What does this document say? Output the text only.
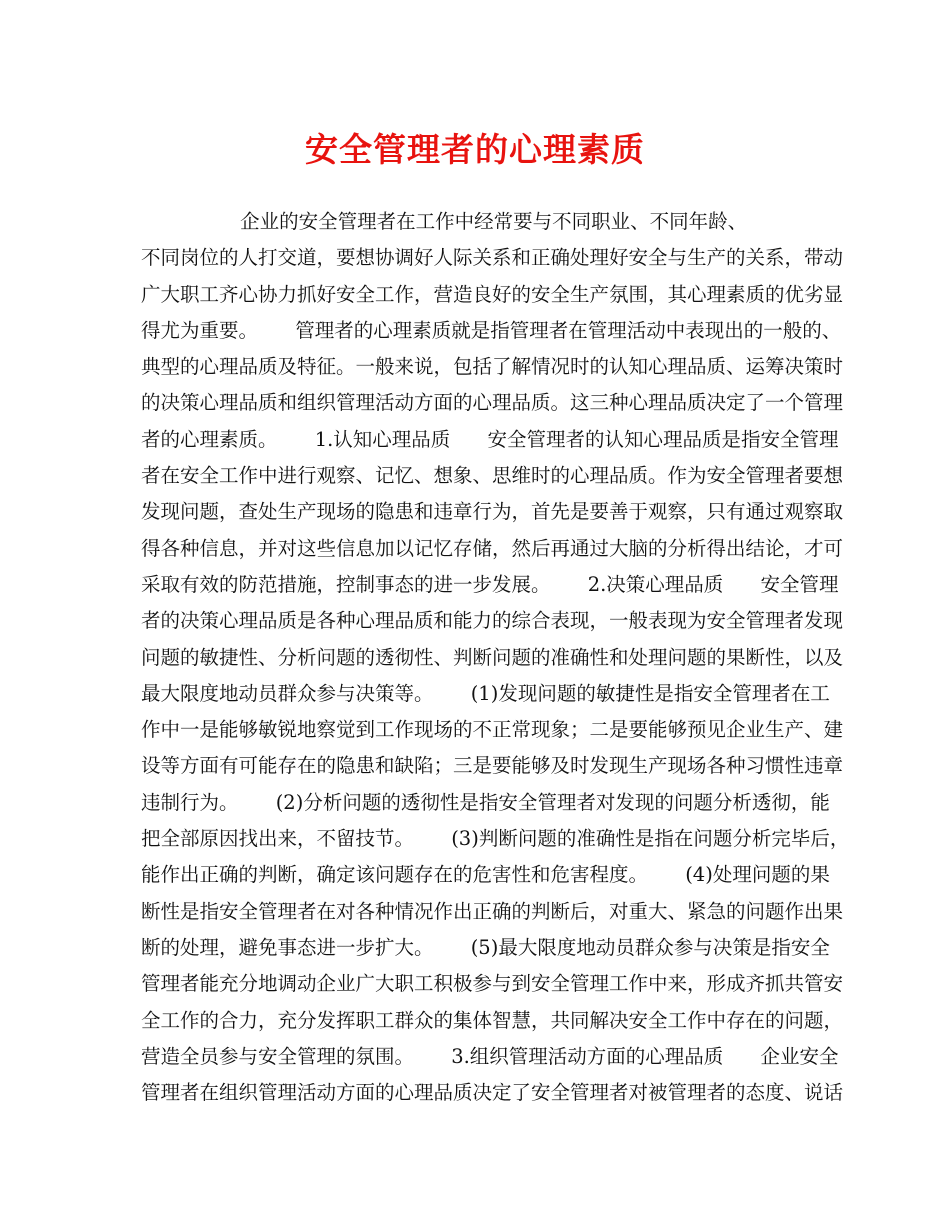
安全管理者的心理素质
企业的安全管理者在工作中经常要与不同职业、不同年龄、
不同岗位的人打交道，要想协调好人际关系和正确处理好安全与生产的关系，带动
广大职工齐心协力抓好安全工作，营造良好的安全生产氛围，其心理素质的优劣显
得尤为重要。      管理者的心理素质就是指管理者在管理活动中表现出的一般的、
典型的心理品质及特征。一般来说，包括了解情况时的认知心理品质、运筹决策时
的决策心理品质和组织管理活动方面的心理品质。这三种心理品质决定了一个管理
者的心理素质。      1.认知心理品质      安全管理者的认知心理品质是指安全管理
者在安全工作中进行观察、记忆、想象、思维时的心理品质。作为安全管理者要想
发现问题，查处生产现场的隐患和违章行为，首先是要善于观察，只有通过观察取
得各种信息，并对这些信息加以记忆存储，然后再通过大脑的分析得出结论，才可
采取有效的防范措施，控制事态的进一步发展。      2.决策心理品质      安全管理
者的决策心理品质是各种心理品质和能力的综合表现，一般表现为安全管理者发现
问题的敏捷性、分析问题的透彻性、判断问题的准确性和处理问题的果断性，以及
最大限度地动员群众参与决策等。      (1)发现问题的敏捷性是指安全管理者在工
作中一是能够敏锐地察觉到工作现场的不正常现象；二是要能够预见企业生产、建
设等方面有可能存在的隐患和缺陷；三是要能够及时发现生产现场各种习惯性违章
违制行为。      (2)分析问题的透彻性是指安全管理者对发现的问题分析透彻，能
把全部原因找出来，不留技节。      (3)判断问题的准确性是指在问题分析完毕后，
能作出正确的判断，确定该问题存在的危害性和危害程度。      (4)处理问题的果
断性是指安全管理者在对各种情况作出正确的判断后，对重大、紧急的问题作出果
断的处理，避免事态进一步扩大。      (5)最大限度地动员群众参与决策是指安全
管理者能充分地调动企业广大职工积极参与到安全管理工作中来，形成齐抓共管安
全工作的合力，充分发挥职工群众的集体智慧，共同解决安全工作中存在的问题，
营造全员参与安全管理的氛围。      3.组织管理活动方面的心理品质      企业安全
管理者在组织管理活动方面的心理品质决定了安全管理者对被管理者的态度、说话
